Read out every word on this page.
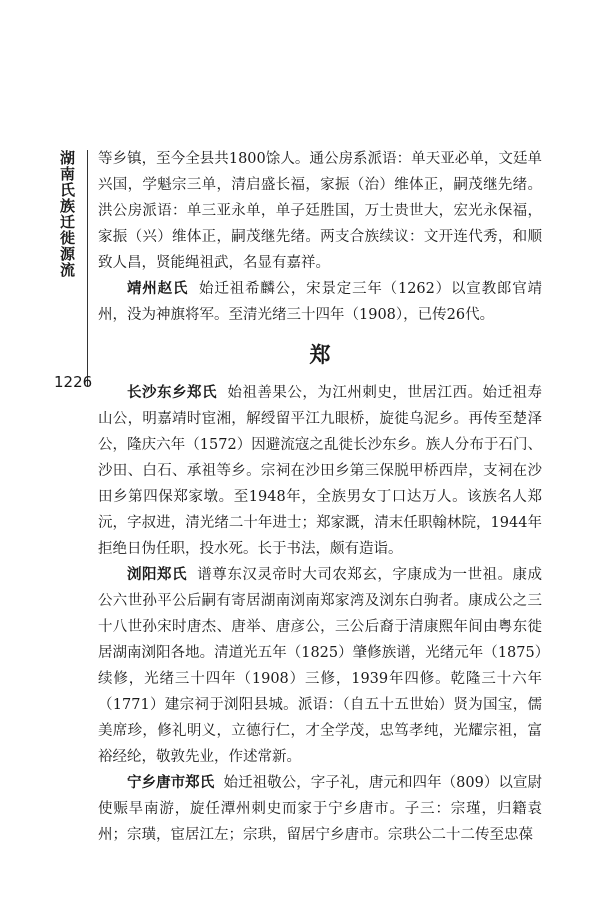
湖南氏族迁徙源流
1226

等乡镇，至今全县共1800馀人。通公房系派语：单天亚必单，文廷单兴国，学魁宗三单，清启盛长福，家振（治）维体正，嗣茂继先绪。洪公房派语：单三亚永单，单子廷胜国，万士贵世大，宏光永保福，家振（兴）维体正，嗣茂继先绪。两支合族续议：文开连代秀，和顺致人昌，贤能绳祖武，名显有嘉祥。

靖州赵氏 始迁祖希麟公，宋景定三年（1262）以宣教郎官靖州，没为神旗将军。至清光绪三十四年（1908），已传26代。

郑

长沙东乡郑氏 始祖善果公，为江州刺史，世居江西。始迁祖寿山公，明嘉靖时宦湘，解绶留平江九眼桥，旋徙乌泥乡。再传至楚泽公，隆庆六年（1572）因避流寇之乱徙长沙东乡。族人分布于石门、沙田、白石、承祖等乡。宗祠在沙田乡第三保脱甲桥西岸，支祠在沙田乡第四保郑家墩。至1948年，全族男女丁口达万人。该族名人郑沅，字叔进，清光绪二十年进士；郑家溉，清末任职翰林院，1944年拒绝日伪任职，投水死。长于书法，颇有造诣。

浏阳郑氏 谱尊东汉灵帝时大司农郑玄，字康成为一世祖。康成公六世孙平公后嗣有寄居湖南浏南郑家湾及浏东白驹者。康成公之三十八世孙宋时唐杰、唐举、唐彦公，三公后裔于清康熙年间由粤东徙居湖南浏阳各地。清道光五年（1825）肇修族谱，光绪元年（1875）续修，光绪三十四年（1908）三修，1939年四修。乾隆三十六年（1771）建宗祠于浏阳县城。派语：（自五十五世始）贤为国宝，儒美席珍，修礼明义，立德行仁，才全学茂，忠笃孝纯，光耀宗祖，富裕经纶，敬敦先业，作述常新。

宁乡唐市郑氏 始迁祖敬公，字子礼，唐元和四年（809）以宣尉使赈旱南游，旋任潭州刺史而家于宁乡唐市。子三：宗瑾，归籍袁州；宗璜，宦居江左；宗珙，留居宁乡唐市。宗珙公二十二传至忠葆
